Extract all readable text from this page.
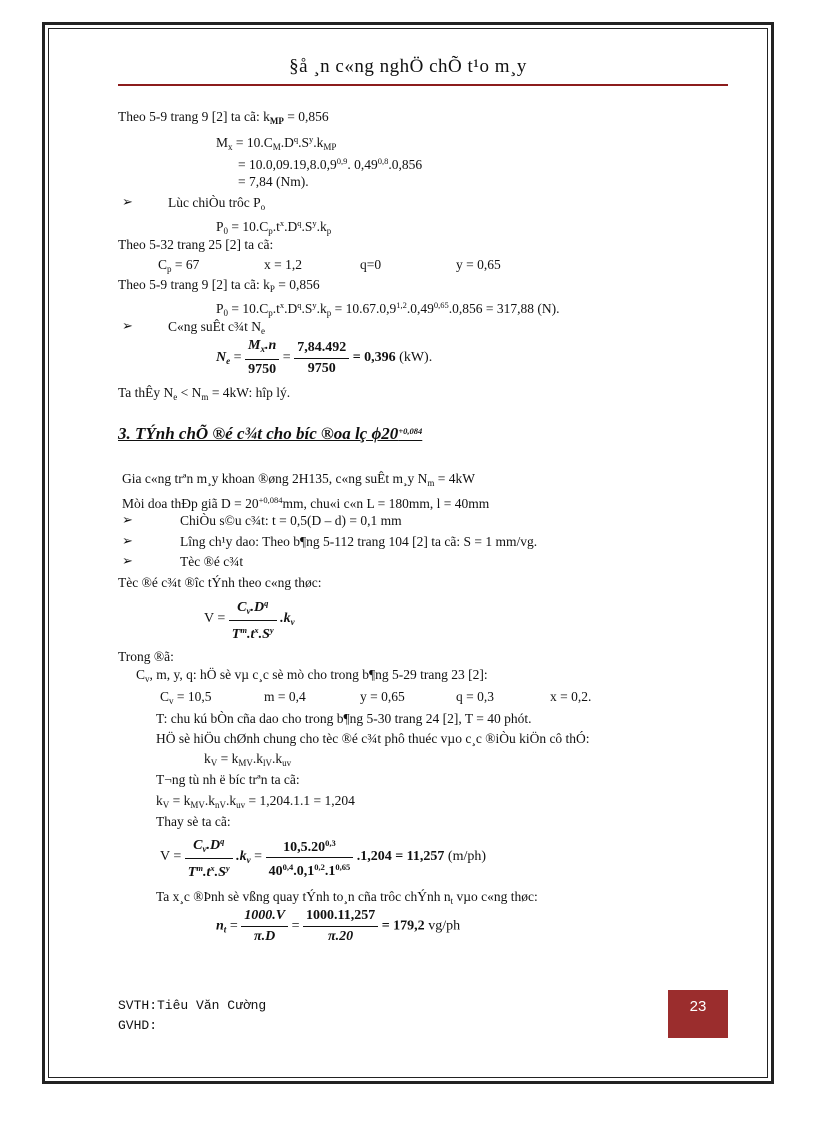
§å ¸n c«ng nghÖ chÕ t¹o m¸y
Theo 5-9 trang 9 [2] ta cã: $k_{MP} = 0,856$
$M_x = 10.C_M.D^q.S^y.k_{MP}$
= $10.0,09.19,8.0,9^{0,9}$. $0,49^{0,8}.0,856$
= 7,84 (Nm).
➢	Lùc chiÒu trôc $P_o$
$P_0 = 10.C_p.t^x.D^q.S^y.k_p$
Theo 5-32 trang 25 [2] ta cã:
$C_p = 67$	x = 1,2	q=0	y = 0,65
Theo 5-9 trang 9 [2] ta cã: $k_P = 0,856$
$P_0 = 10.C_p.t^x.D^q.S^y.k_p = 10.67.0,9^{1,2}.0,49^{0,65}.0,856 = 317,88$ (N).
➢	C«ng suÊt c¾t $N_e$
$N_e = \frac{M_x.n}{9750} = \frac{7,84.492}{9750} = 0,396$ (kW).
Ta thÊy $N_e < N_m = 4kW$: hîp lý.
3. TÝnh chÕ ®é c¾t cho bíc ®oa lç $\phi 20^{+0,084}$
Gia c«ng trªn m¸y khoan ®øng 2H135, c«ng suÊt m¸y $N_m = 4kW$
Mòi doa thÐp giã $D = 20^{+0,084}mm$, chu«i c«n L = 180mm, l = 40mm
➢	ChiÒu s©u c¾t: t = 0,5(D – d) = 0,1 mm
➢	Lîng ch¹y dao: Theo b¶ng 5-112 trang 104 [2] ta cã: S = 1 mm/vg.
➢	Tèc ®é c¾t
Tèc ®é c¾t ®îc tÝnh theo c«ng thøc:
$V = \frac{C_v.D^q}{T^m.t^x.S^y} .k_v$
Trong ®ã:
$C_v$, m, y, q: hÖ sè vµ c¸c sè mò cho trong b¶ng 5-29 trang 23 [2]:
$C_v = 10,5$	m = 0,4	y = 0,65	q = 0,3	x = 0,2.
T: chu kú bÒn cña dao cho trong b¶ng 5-30 trang 24 [2], T = 40 phót.
HÖ sè hiÖu chØnh chung cho tèc ®é c¾t phô thuéc vµo c¸c ®iÒu kiÖn cô thÓ:
$k_V = k_{MV}.k_{lV}.k_{uv}$
T¬ng tù nh ë bíc trªn ta cã:
$k_V = k_{MV}.k_{nV}.k_{uv} = 1,204.1.1 = 1,204$
Thay sè ta cã:
$V = \frac{C_v.D^q}{T^m.t^x.S^y} .k_v = \frac{10,5.20^{0,3}}{40^{0,4}.0,1^{0,2}.1^{0,65}} .1,204 = 11,257$ (m/ph)
Ta x¸c ®Þnh sè vßng quay tÝnh to¸n cña trôc chÝnh $n_t$ vµo c«ng thøc:
$n_t = \frac{1000.V}{\pi.D} = \frac{1000.11,257}{\pi.20} = 179,2$ vg/ph
SVTH:Tiêu Văn Cường
GVHD:
23
